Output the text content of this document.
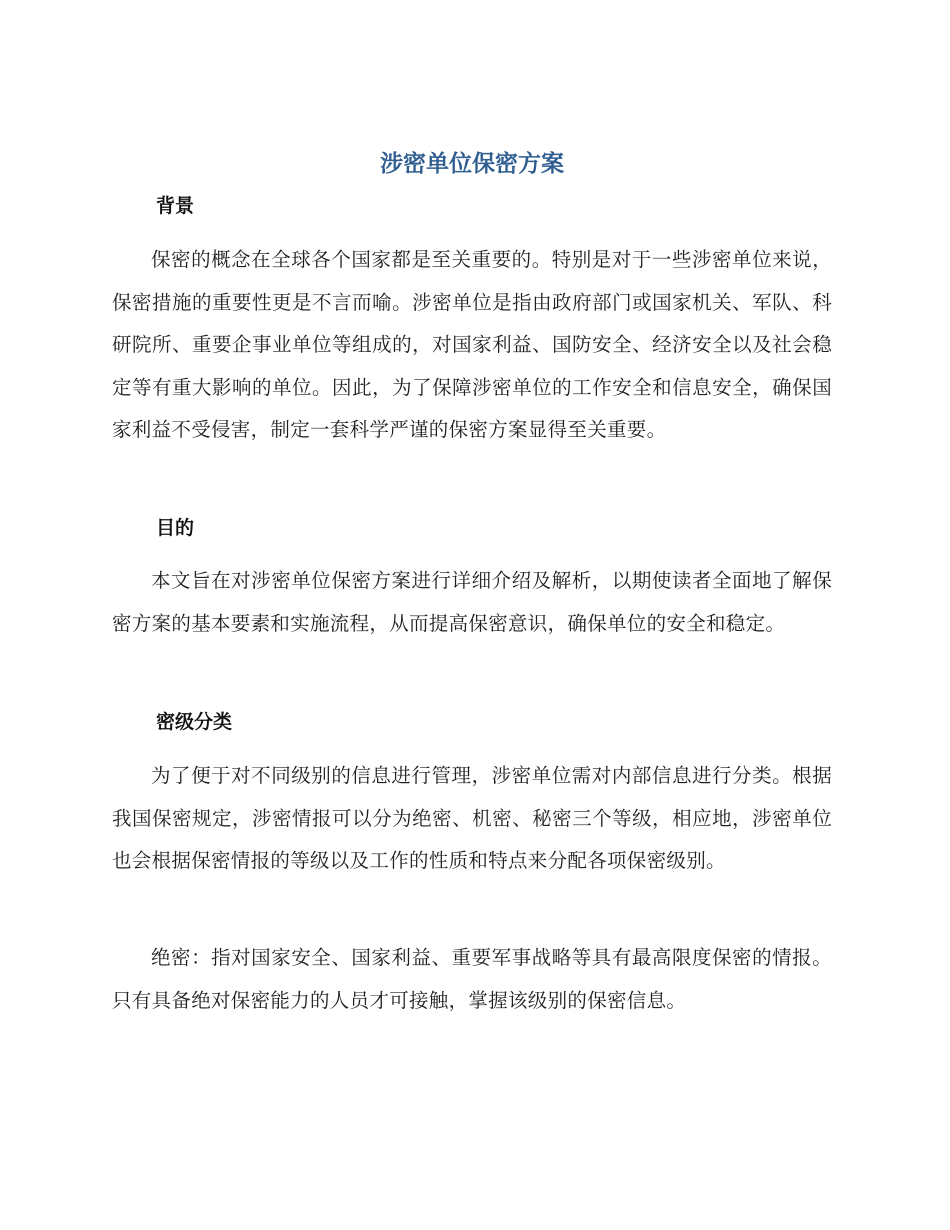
涉密单位保密方案
背景

保密的概念在全球各个国家都是至关重要的。特别是对于一些涉密单位来说，保密措施的重要性更是不言而喻。涉密单位是指由政府部门或国家机关、军队、科研院所、重要企事业单位等组成的，对国家利益、国防安全、经济安全以及社会稳定等有重大影响的单位。因此，为了保障涉密单位的工作安全和信息安全，确保国家利益不受侵害，制定一套科学严谨的保密方案显得至关重要。

目的

本文旨在对涉密单位保密方案进行详细介绍及解析，以期使读者全面地了解保密方案的基本要素和实施流程，从而提高保密意识，确保单位的安全和稳定。

密级分类

为了便于对不同级别的信息进行管理，涉密单位需对内部信息进行分类。根据我国保密规定，涉密情报可以分为绝密、机密、秘密三个等级，相应地，涉密单位也会根据保密情报的等级以及工作的性质和特点来分配各项保密级别。

绝密：指对国家安全、国家利益、重要军事战略等具有最高限度保密的情报。只有具备绝对保密能力的人员才可接触，掌握该级别的保密信息。
